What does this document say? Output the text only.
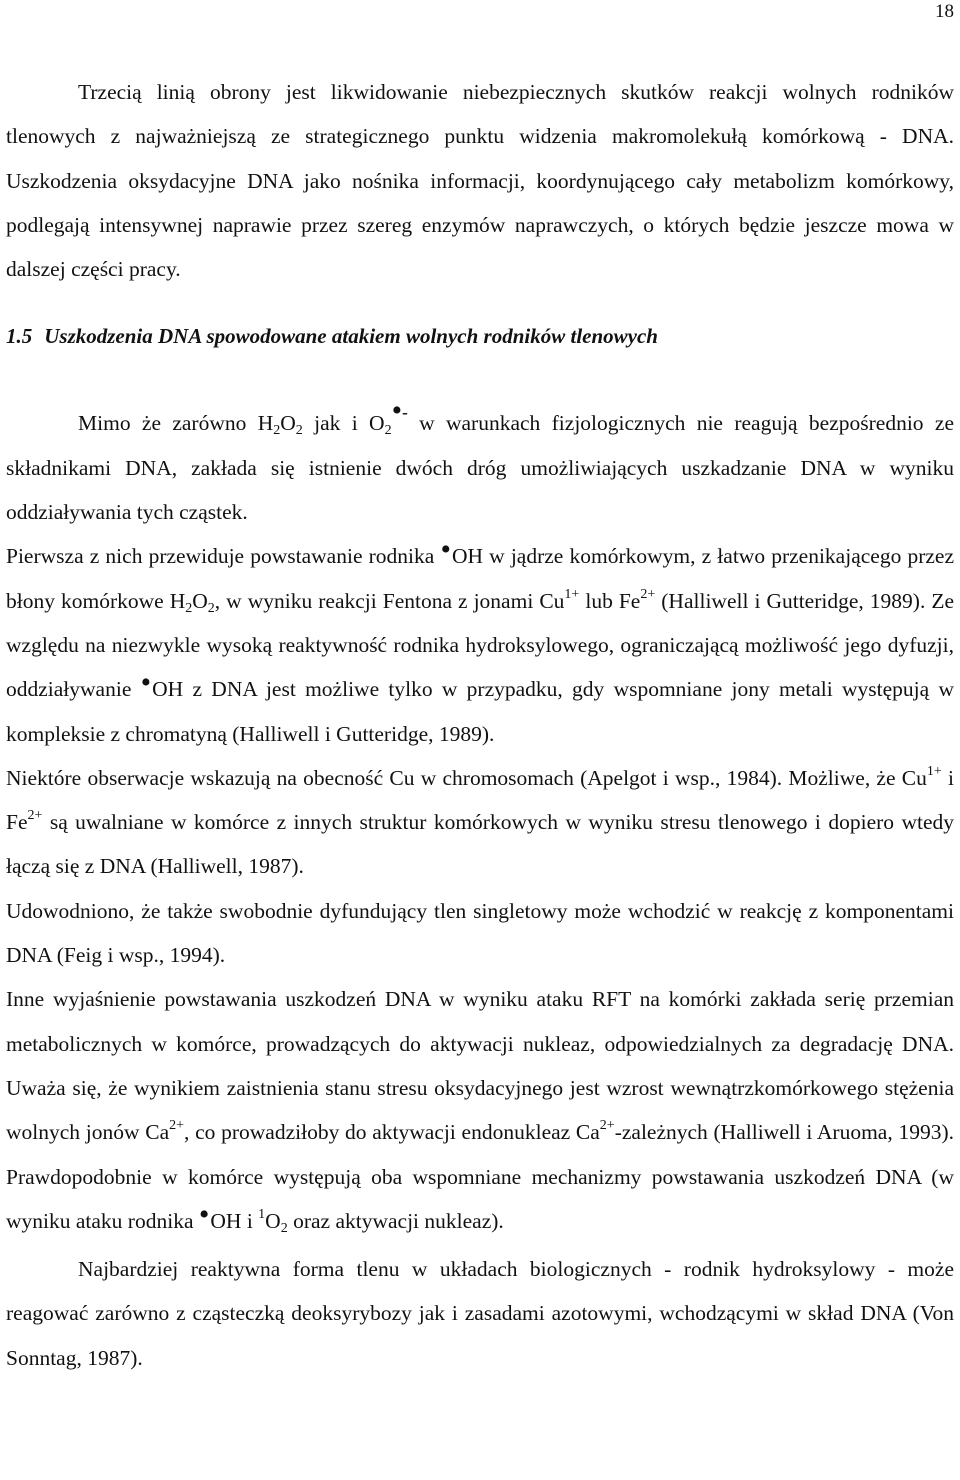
18

Trzecią linią obrony jest likwidowanie niebezpiecznych skutków reakcji wolnych rodników tlenowych z najważniejszą ze strategicznego punktu widzenia makromolekułą komórkową - DNA. Uszkodzenia oksydacyjne DNA jako nośnika informacji, koordynującego cały metabolizm komórkowy, podlegają intensywnej naprawie przez szereg enzymów naprawczych, o których będzie jeszcze mowa w dalszej części pracy.

1.5 Uszkodzenia DNA spowodowane atakiem wolnych rodników tlenowych

Mimo że zarówno $H_2O_2$ jak i $O_2•^-$ w warunkach fizjologicznych nie reagują bezpośrednio ze składnikami DNA, zakłada się istnienie dwóch dróg umożliwiających uszkadzanie DNA w wyniku oddziaływania tych cząstek.

Pierwsza z nich przewiduje powstawanie rodnika •OH w jądrze komórkowym, z łatwo przenikającego przez błony komórkowe $H_2O_2$, w wyniku reakcji Fentona z jonami $Cu^{1+}$ lub $Fe^{2+}$ (Halliwell i Gutteridge, 1989). Ze względu na niezwykle wysoką reaktywność rodnika hydroksylowego, ograniczającą możliwość jego dyfuzji, oddziaływanie •OH z DNA jest możliwe tylko w przypadku, gdy wspomniane jony metali występują w kompleksie z chromatyną (Halliwell i Gutteridge, 1989).

Niektóre obserwacje wskazują na obecność Cu w chromosomach (Apelgot i wsp., 1984). Możliwe, że $Cu^{1+}$ i $Fe^{2+}$ są uwalniane w komórce z innych struktur komórkowych w wyniku stresu tlenowego i dopiero wtedy łączą się z DNA (Halliwell, 1987).

Udowodniono, że także swobodnie dyfundujący tlen singletowy może wchodzić w reakcję z komponentami DNA (Feig i wsp., 1994).

Inne wyjaśnienie powstawania uszkodzeń DNA w wyniku ataku RFT na komórki zakłada serię przemian metabolicznych w komórce, prowadzących do aktywacji nukleaz, odpowiedzialnych za degradację DNA. Uważa się, że wynikiem zaistnienia stanu stresu oksydacyjnego jest wzrost wewnątrzkomórkowego stężenia wolnych jonów $Ca^{2+}$, co prowadziłoby do aktywacji endonukleaz $Ca^{2+}$-zależnych (Halliwell i Aruoma, 1993). Prawdopodobnie w komórce występują oba wspomniane mechanizmy powstawania uszkodzeń DNA (w wyniku ataku rodnika •OH i $^1O_2$ oraz aktywacji nukleaz).

Najbardziej reaktywna forma tlenu w układach biologicznych - rodnik hydroksylowy - może reagować zarówno z cząsteczką deoksyrybozy jak i zasadami azotowymi, wchodzącymi w skład DNA (Von Sonntag, 1987).
